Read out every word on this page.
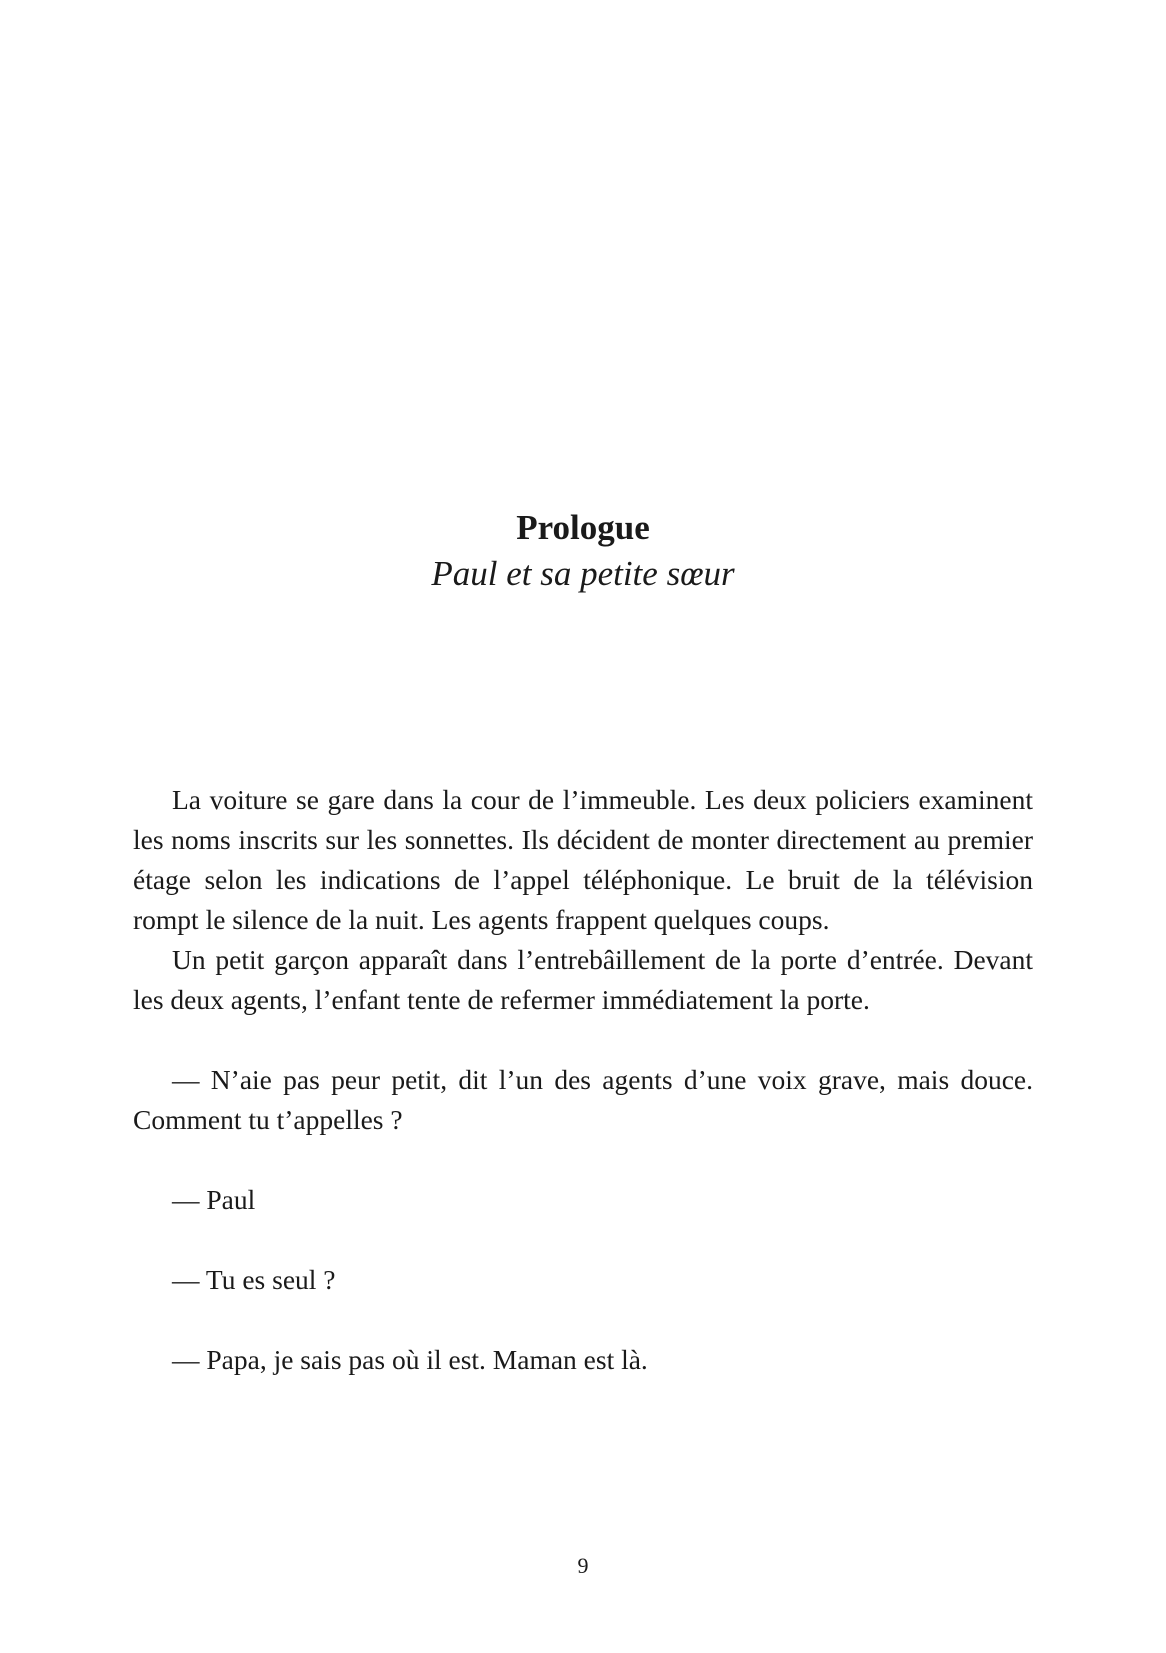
Prologue

Paul et sa petite sœur

La voiture se gare dans la cour de l’immeuble. Les deux policiers examinent les noms inscrits sur les sonnettes. Ils décident de monter directement au premier étage selon les indications de l’appel téléphonique. Le bruit de la télévision rompt le silence de la nuit. Les agents frappent quelques coups.

Un petit garçon apparaît dans l’entrebâillement de la porte d’entrée. Devant les deux agents, l’enfant tente de refermer immédiatement la porte.

— N’aie pas peur petit, dit l’un des agents d’une voix grave, mais douce. Comment tu t’appelles ?

— Paul

— Tu es seul ?

— Papa, je sais pas où il est. Maman est là.

9
